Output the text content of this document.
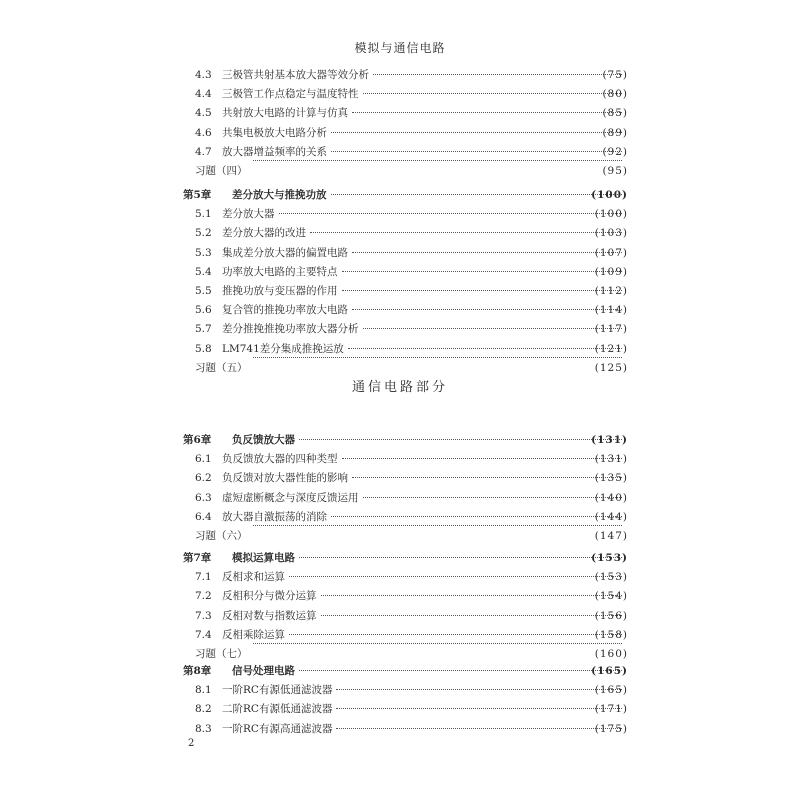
模拟与通信电路
通信电路部分
4.3 三极管共射基本放大器等效分析	(75)
4.4 三极管工作点稳定与温度特性	(80)
4.5 共射放大电路的计算与仿真	(85)
4.6 共集电极放大电路分析	(89)
4.7 放大器增益频率的关系	(92)
习题（四）	(95)
第5章	差分放大与推挽功放	(100)
5.1 差分放大器	(100)
5.2 差分放大器的改进	(103)
5.3 集成差分放大器的偏置电路	(107)
5.4 功率放大电路的主要特点	(109)
5.5 推挽功放与变压器的作用	(112)
5.6 复合管的推挽功率放大电路	(114)
5.7 差分推挽推挽功率放大器分析	(117)
5.8 LM741差分集成推挽运放	(121)
习题（五）	(125)
第6章	负反馈放大器	(131)
6.1 负反馈放大器的四种类型	(131)
6.2 负反馈对放大器性能的影响	(135)
6.3 虚短虚断概念与深度反馈运用	(140)
6.4 放大器自激振荡的消除	(144)
习题（六）	(147)
第7章	模拟运算电路	(153)
7.1 反相求和运算	(153)
7.2 反相积分与微分运算	(154)
7.3 反相对数与指数运算	(156)
7.4 反相乘除运算	(158)
习题（七）	(160)
第8章	信号处理电路	(165)
8.1 一阶RC有源低通滤波器	(165)
8.2 二阶RC有源低通滤波器	(171)
8.3 一阶RC有源高通滤波器	(175)
2
